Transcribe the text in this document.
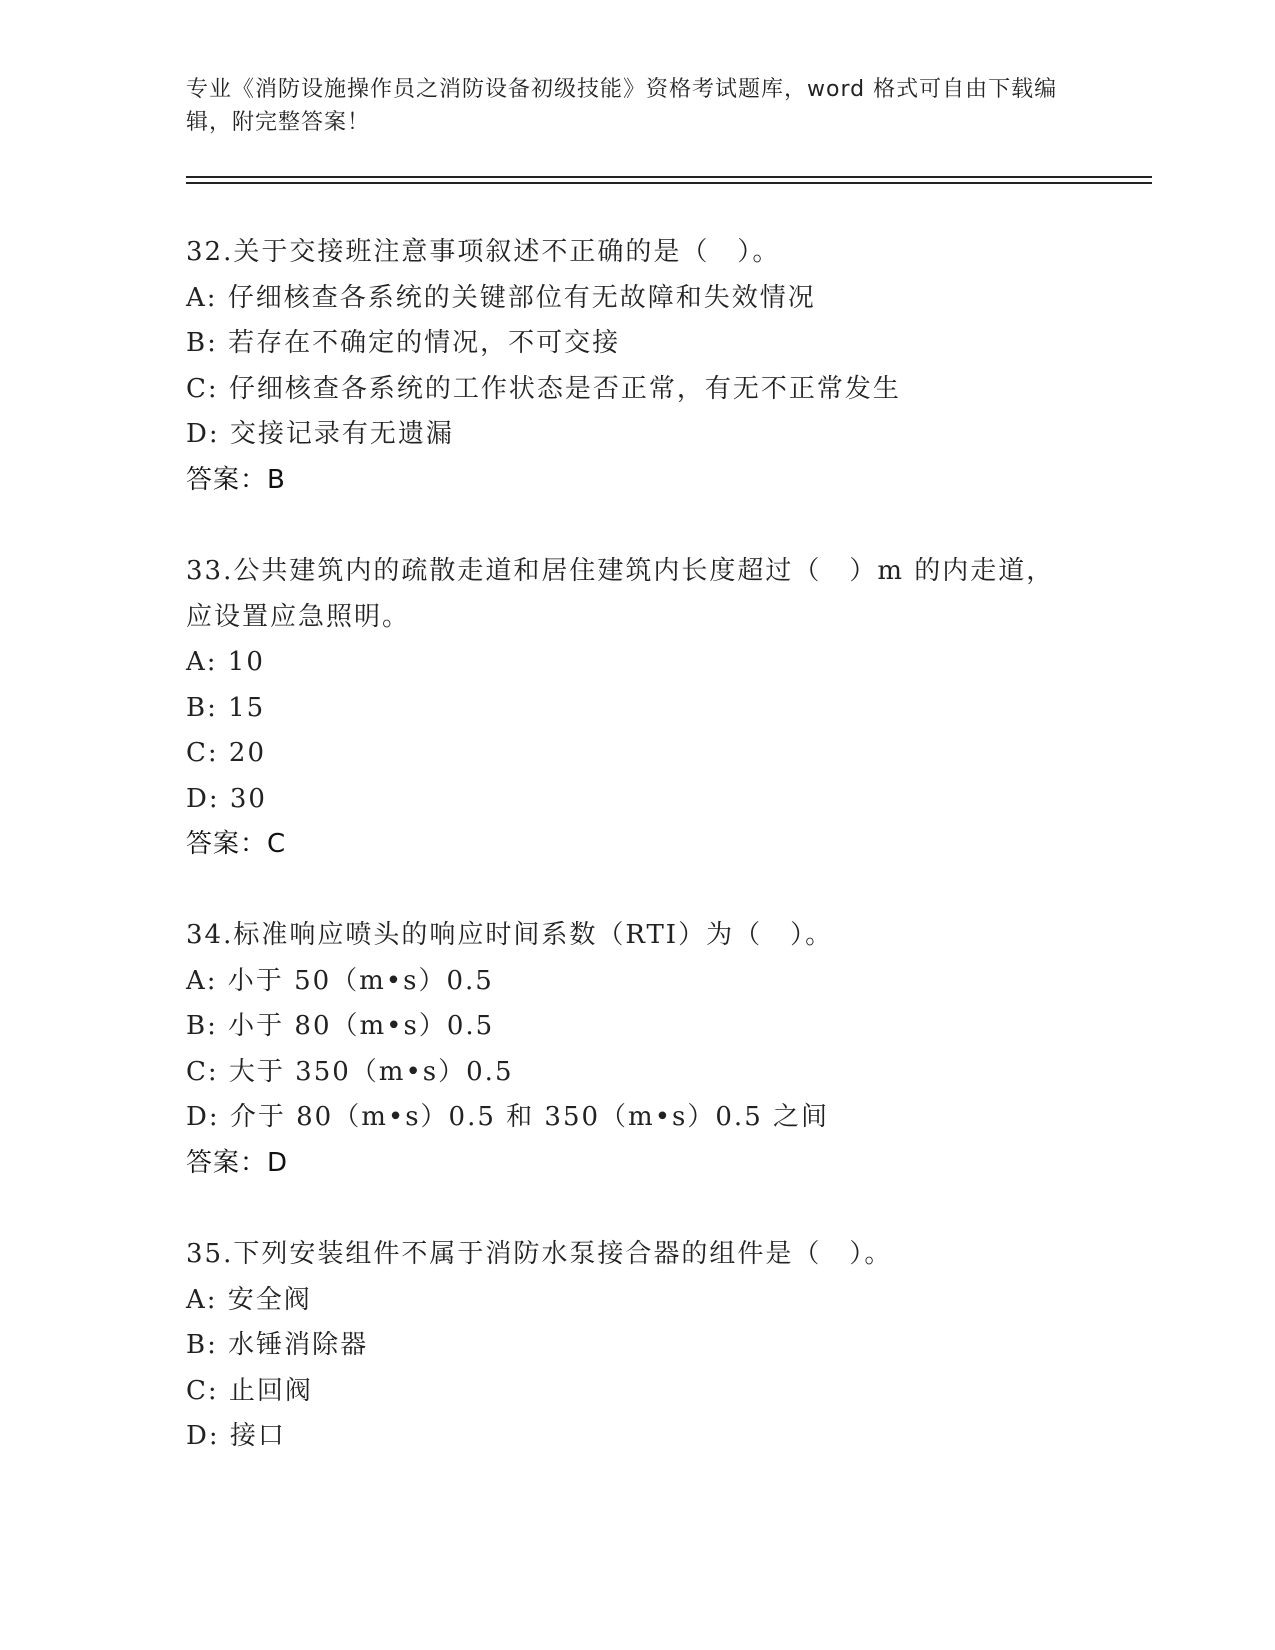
专业《消防设施操作员之消防设备初级技能》资格考试题库，word 格式可自由下载编辑，附完整答案！

32.关于交接班注意事项叙述不正确的是（　）。

A: 仔细核查各系统的关键部位有无故障和失效情况

B: 若存在不确定的情况，不可交接

C: 仔细核查各系统的工作状态是否正常，有无不正常发生

D: 交接记录有无遗漏

答案：B

33.公共建筑内的疏散走道和居住建筑内长度超过（　）m 的内走道，应设置应急照明。

A: 10

B: 15

C: 20

D: 30

答案：C

34.标准响应喷头的响应时间系数（RTI）为（　）。

A: 小于 50（m•s）0.5

B: 小于 80（m•s）0.5

C: 大于 350（m•s）0.5

D: 介于 80（m•s）0.5 和 350（m•s）0.5 之间

答案：D

35.下列安装组件不属于消防水泵接合器的组件是（　）。

A: 安全阀

B: 水锤消除器

C: 止回阀

D: 接口
